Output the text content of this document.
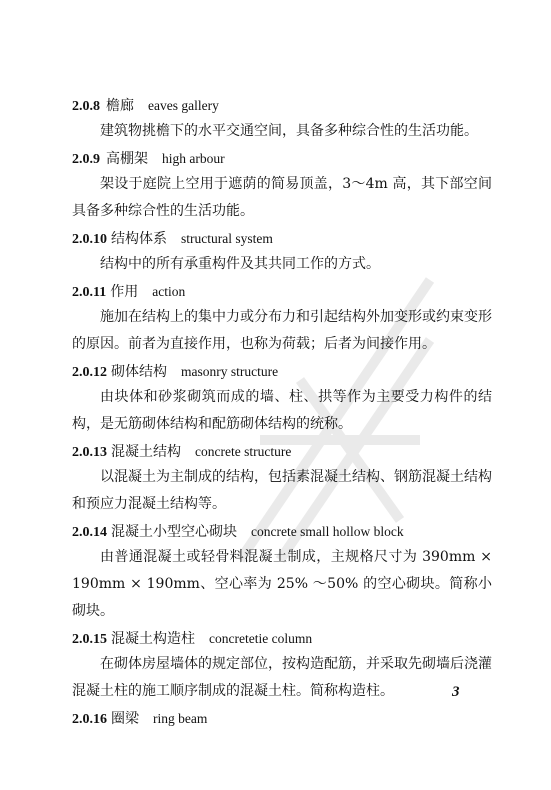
2.0.8 檐廊 eaves gallery

建筑物挑檐下的水平交通空间，具备多种综合性的生活功能。

2.0.9 高棚架 high arbour

架设于庭院上空用于遮荫的简易顶盖，3～4m 高，其下部空间具备多种综合性的生活功能。

2.0.10 结构体系 structural system

结构中的所有承重构件及其共同工作的方式。

2.0.11 作用 action

施加在结构上的集中力或分布力和引起结构外加变形或约束变形的原因。前者为直接作用，也称为荷载；后者为间接作用。

2.0.12 砌体结构 masonry structure

由块体和砂浆砌筑而成的墙、柱、拱等作为主要受力构件的结构，是无筋砌体结构和配筋砌体结构的统称。

2.0.13 混凝土结构 concrete structure

以混凝土为主制成的结构，包括素混凝土结构、钢筋混凝土结构和预应力混凝土结构等。

2.0.14 混凝土小型空心砌块 concrete small hollow block

由普通混凝土或轻骨料混凝土制成，主规格尺寸为 390mm × 190mm × 190mm、空心率为 25% ～50% 的空心砌块。简称小砌块。

2.0.15 混凝土构造柱 concretetie column

在砌体房屋墙体的规定部位，按构造配筋，并采取先砌墙后浇灌混凝土柱的施工顺序制成的混凝土柱。简称构造柱。

2.0.16 圈梁 ring beam
3
